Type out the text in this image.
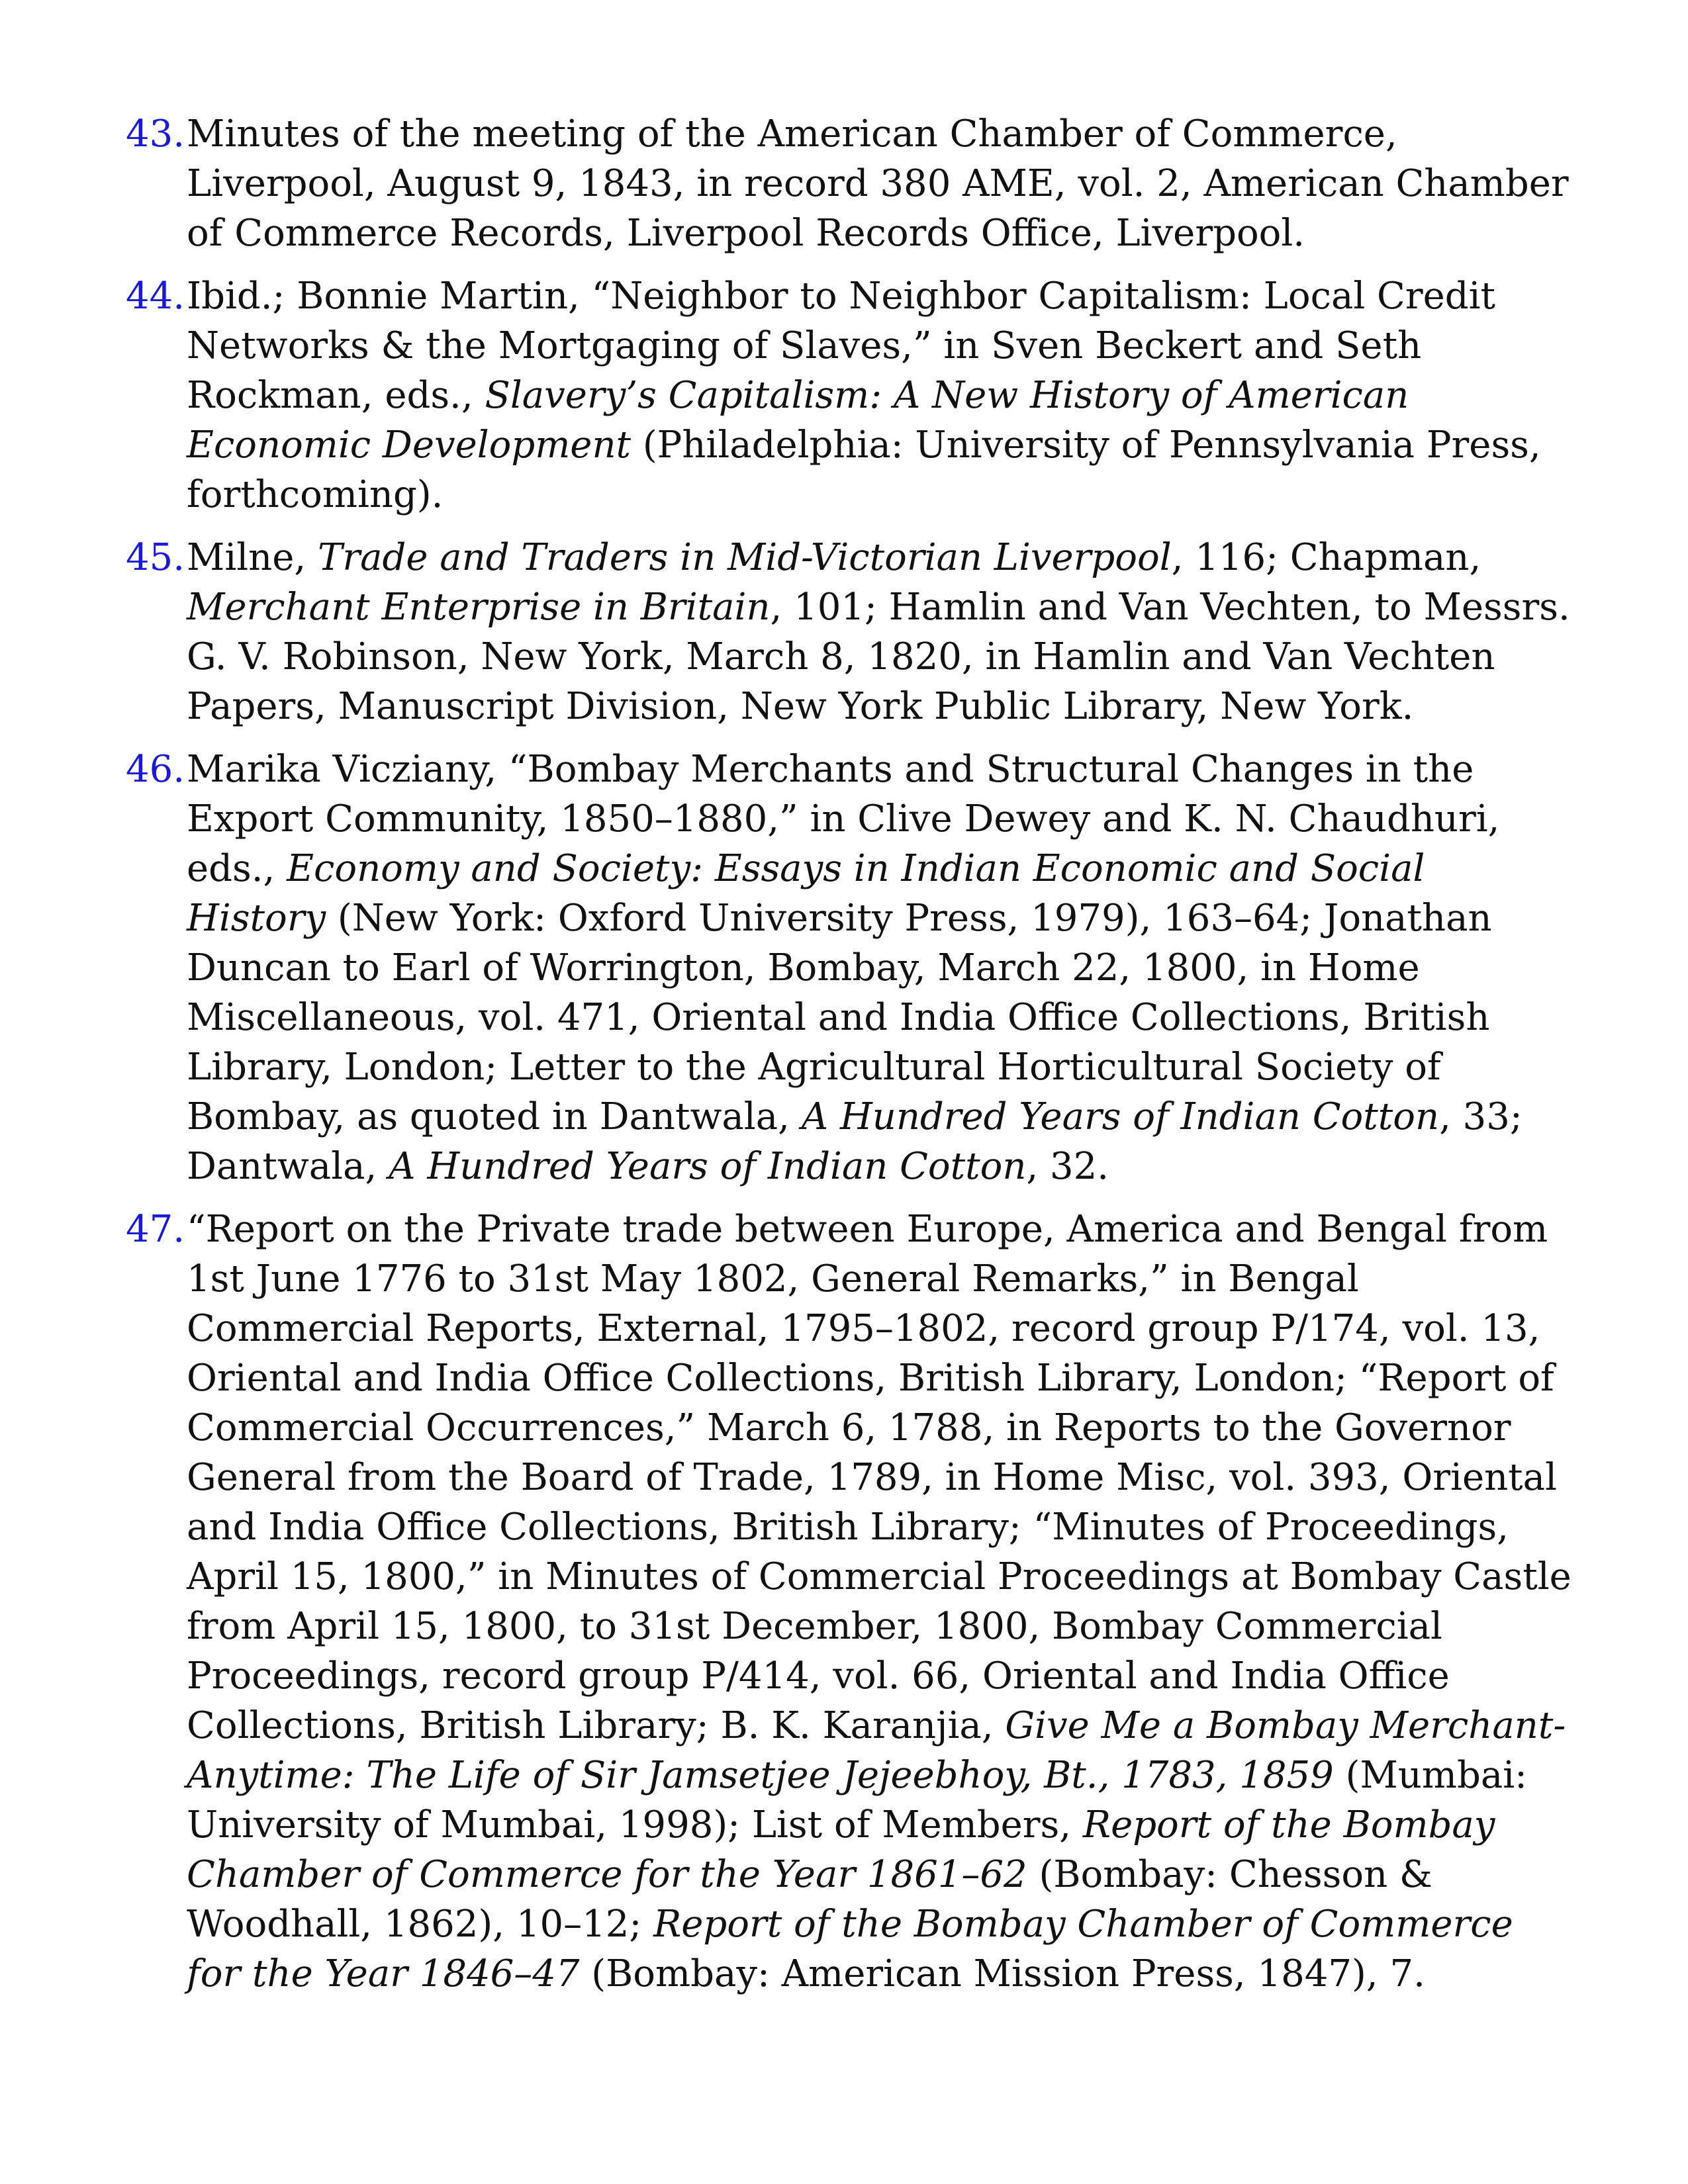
43. Minutes of the meeting of the American Chamber of Commerce, Liverpool, August 9, 1843, in record 380 AME, vol. 2, American Chamber of Commerce Records, Liverpool Records Office, Liverpool.
44. Ibid.; Bonnie Martin, “Neighbor to Neighbor Capitalism: Local Credit Networks & the Mortgaging of Slaves,” in Sven Beckert and Seth Rockman, eds., Slavery’s Capitalism: A New History of American Economic Development (Philadelphia: University of Pennsylvania Press, forthcoming).
45. Milne, Trade and Traders in Mid-Victorian Liverpool, 116; Chapman, Merchant Enterprise in Britain, 101; Hamlin and Van Vechten, to Messrs. G. V. Robinson, New York, March 8, 1820, in Hamlin and Van Vechten Papers, Manuscript Division, New York Public Library, New York.
46. Marika Vicziany, “Bombay Merchants and Structural Changes in the Export Community, 1850–1880,” in Clive Dewey and K. N. Chaudhuri, eds., Economy and Society: Essays in Indian Economic and Social History (New York: Oxford University Press, 1979), 163–64; Jonathan Duncan to Earl of Worrington, Bombay, March 22, 1800, in Home Miscellaneous, vol. 471, Oriental and India Office Collections, British Library, London; Letter to the Agricultural Horticultural Society of Bombay, as quoted in Dantwala, A Hundred Years of Indian Cotton, 33; Dantwala, A Hundred Years of Indian Cotton, 32.
47. “Report on the Private trade between Europe, America and Bengal from 1st June 1776 to 31st May 1802, General Remarks,” in Bengal Commercial Reports, External, 1795–1802, record group P/174, vol. 13, Oriental and India Office Collections, British Library, London; “Report of Commercial Occurrences,” March 6, 1788, in Reports to the Governor General from the Board of Trade, 1789, in Home Misc, vol. 393, Oriental and India Office Collections, British Library; “Minutes of Proceedings, April 15, 1800,” in Minutes of Commercial Proceedings at Bombay Castle from April 15, 1800, to 31st December, 1800, Bombay Commercial Proceedings, record group P/414, vol. 66, Oriental and India Office Collections, British Library; B. K. Karanjia, Give Me a Bombay Merchant-Anytime: The Life of Sir Jamsetjee Jejeebhoy, Bt., 1783, 1859 (Mumbai: University of Mumbai, 1998); List of Members, Report of the Bombay Chamber of Commerce for the Year 1861–62 (Bombay: Chesson & Woodhall, 1862), 10–12; Report of the Bombay Chamber of Commerce for the Year 1846–47 (Bombay: American Mission Press, 1847), 7.
